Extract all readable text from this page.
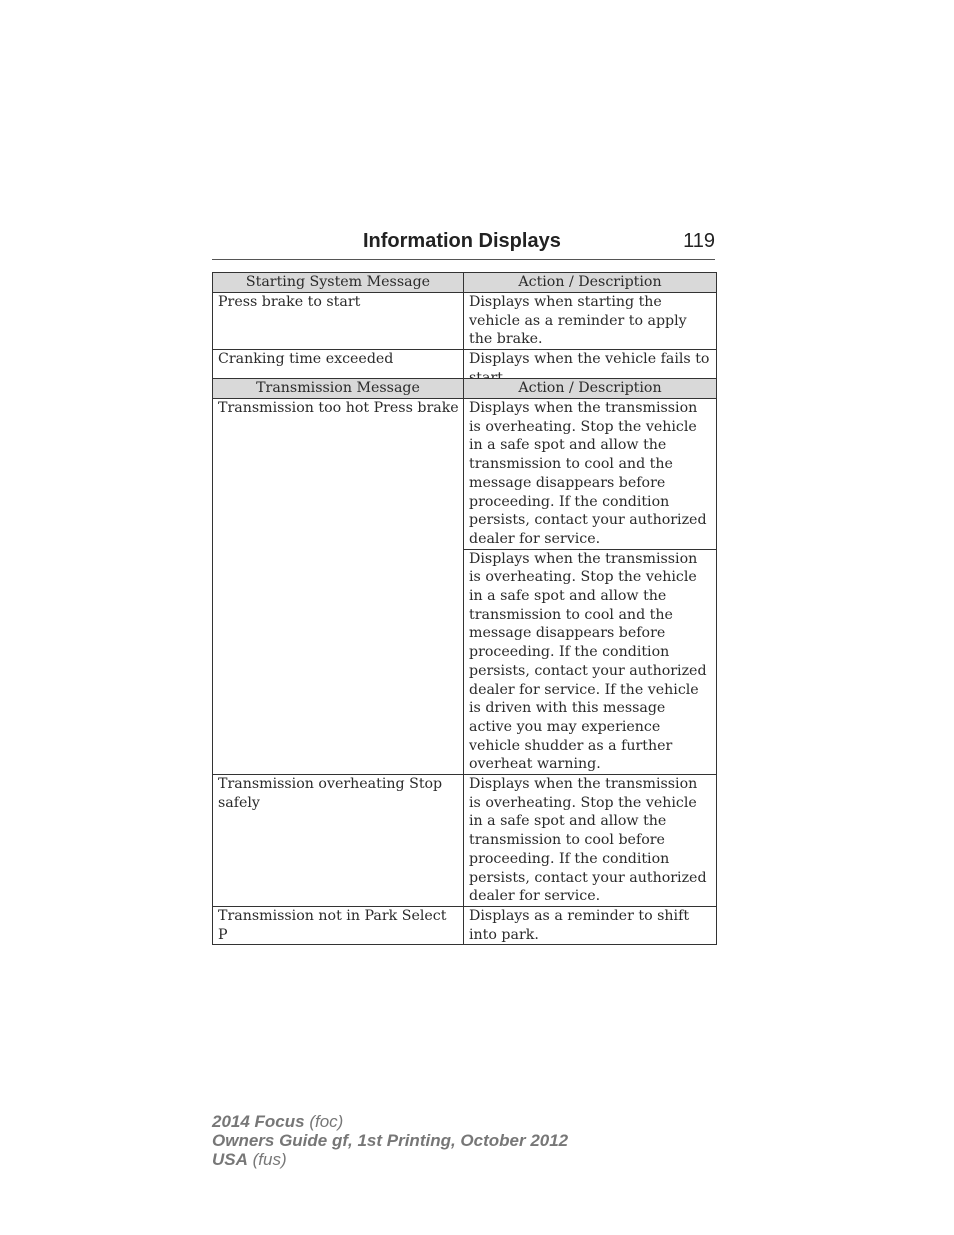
Information Displays	119
Starting System Message	Action / Description
Press brake to start	Displays when starting the vehicle as a reminder to apply the brake.
Cranking time exceeded	Displays when the vehicle fails to
Transmission Message	Action / Description
Transmission too hot Press brake	Displays when the transmission is overheating. Stop the vehicle in a safe spot and allow the transmission to cool and the message disappears before proceeding. If the condition persists, contact your authorized dealer for service.
	Displays when the transmission is overheating. Stop the vehicle in a safe spot and allow the transmission to cool and the message disappears before proceeding. If the condition persists, contact your authorized dealer for service. If the vehicle is driven with this message active you may experience vehicle shudder as a further overheat warning.
Transmission overheating Stop safely	Displays when the transmission is overheating. Stop the vehicle in a safe spot and allow the transmission to cool before proceeding. If the condition persists, contact your authorized dealer for service.
Transmission not in Park Select P	Displays as a reminder to shift into park.
2014 Focus (foc)
Owners Guide gf, 1st Printing, October 2012
USA (fus)
